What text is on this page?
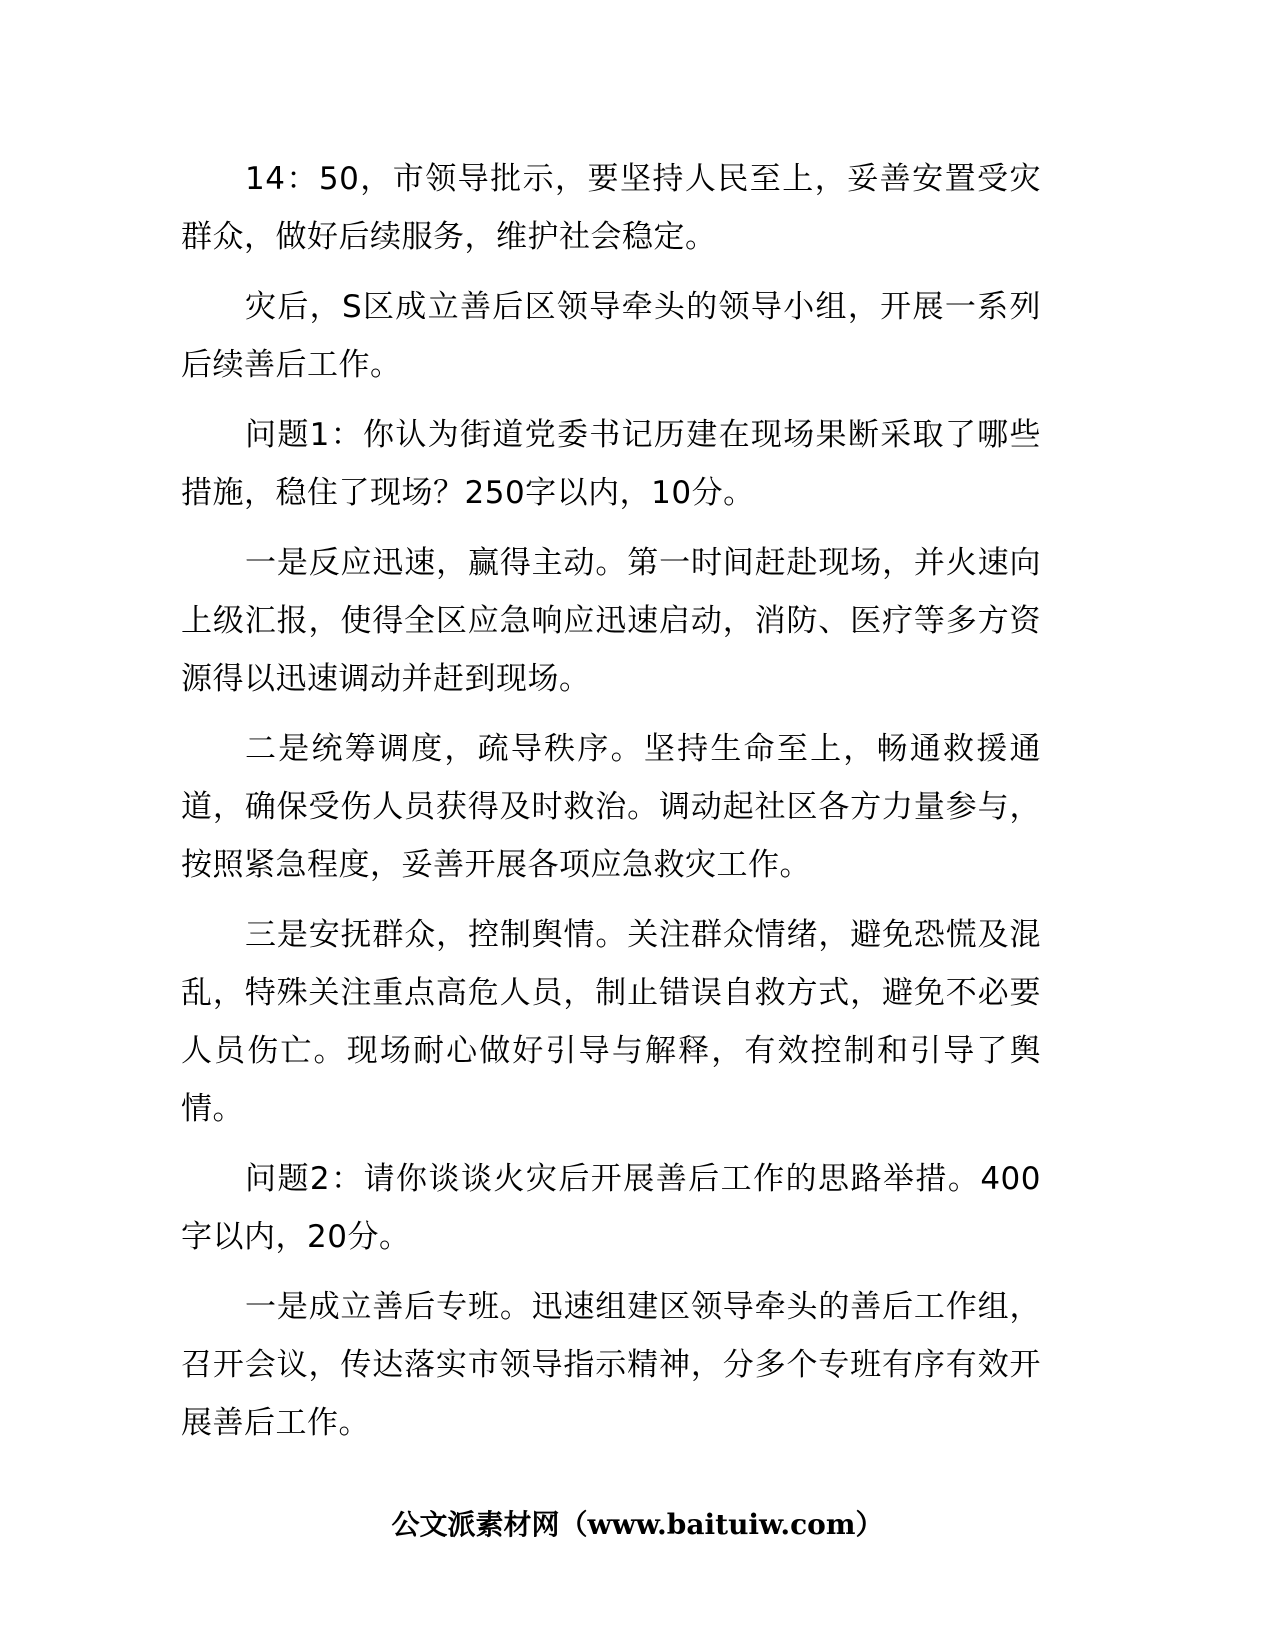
14：50，市领导批示，要坚持人民至上，妥善安置受灾群众，做好后续服务，维护社会稳定。

灾后，S区成立善后区领导牵头的领导小组，开展一系列后续善后工作。

问题1：你认为街道党委书记历建在现场果断采取了哪些措施，稳住了现场？250字以内，10分。

一是反应迅速，赢得主动。第一时间赶赴现场，并火速向上级汇报，使得全区应急响应迅速启动，消防、医疗等多方资源得以迅速调动并赶到现场。

二是统筹调度，疏导秩序。坚持生命至上，畅通救援通道，确保受伤人员获得及时救治。调动起社区各方力量参与，按照紧急程度，妥善开展各项应急救灾工作。

三是安抚群众，控制舆情。关注群众情绪，避免恐慌及混乱，特殊关注重点高危人员，制止错误自救方式，避免不必要人员伤亡。现场耐心做好引导与解释，有效控制和引导了舆情。

问题2：请你谈谈火灾后开展善后工作的思路举措。400字以内，20分。

一是成立善后专班。迅速组建区领导牵头的善后工作组，召开会议，传达落实市领导指示精神，分多个专班有序有效开展善后工作。

公文派素材网（www.baituiw.com）
